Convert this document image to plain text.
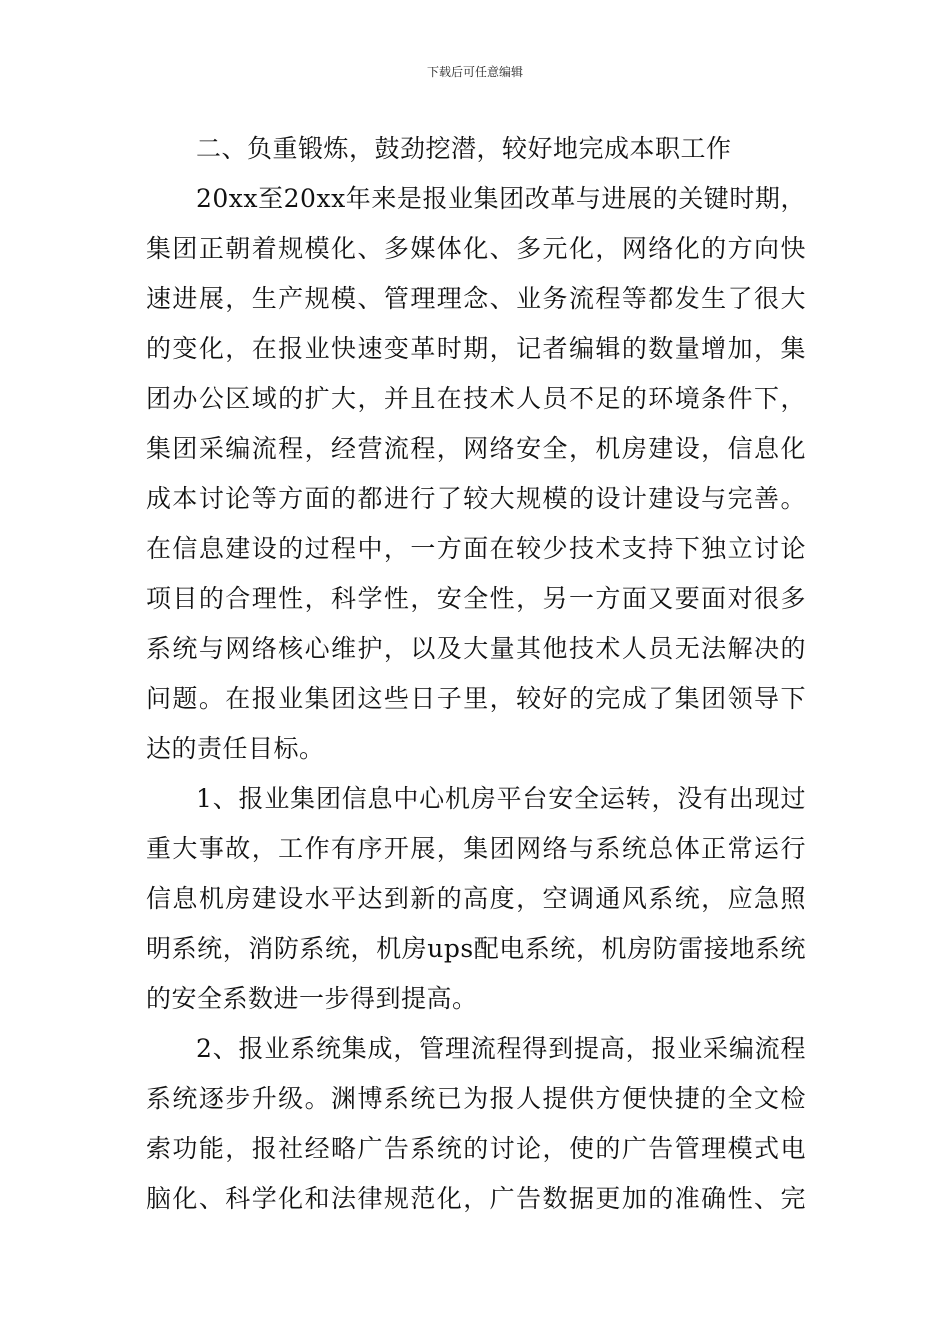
下载后可任意编辑
二、负重锻炼，鼓劲挖潜，较好地完成本职工作
20xx至20xx年来是报业集团改革与进展的关键时期，
集团正朝着规模化、多媒体化、多元化，网络化的方向快
速进展，生产规模、管理理念、业务流程等都发生了很大
的变化，在报业快速变革时期，记者编辑的数量增加，集
团办公区域的扩大，并且在技术人员不足的环境条件下，
集团采编流程，经营流程，网络安全，机房建设，信息化
成本讨论等方面的都进行了较大规模的设计建设与完善。
在信息建设的过程中，一方面在较少技术支持下独立讨论
项目的合理性，科学性，安全性，另一方面又要面对很多
系统与网络核心维护，以及大量其他技术人员无法解决的
问题。在报业集团这些日子里，较好的完成了集团领导下
达的责任目标。
1、报业集团信息中心机房平台安全运转，没有出现过
重大事故，工作有序开展，集团网络与系统总体正常运行
信息机房建设水平达到新的高度，空调通风系统，应急照
明系统，消防系统，机房ups配电系统，机房防雷接地系统
的安全系数进一步得到提高。
2、报业系统集成，管理流程得到提高，报业采编流程
系统逐步升级。渊博系统已为报人提供方便快捷的全文检
索功能，报社经略广告系统的讨论，使的广告管理模式电
脑化、科学化和法律规范化，广告数据更加的准确性、完
